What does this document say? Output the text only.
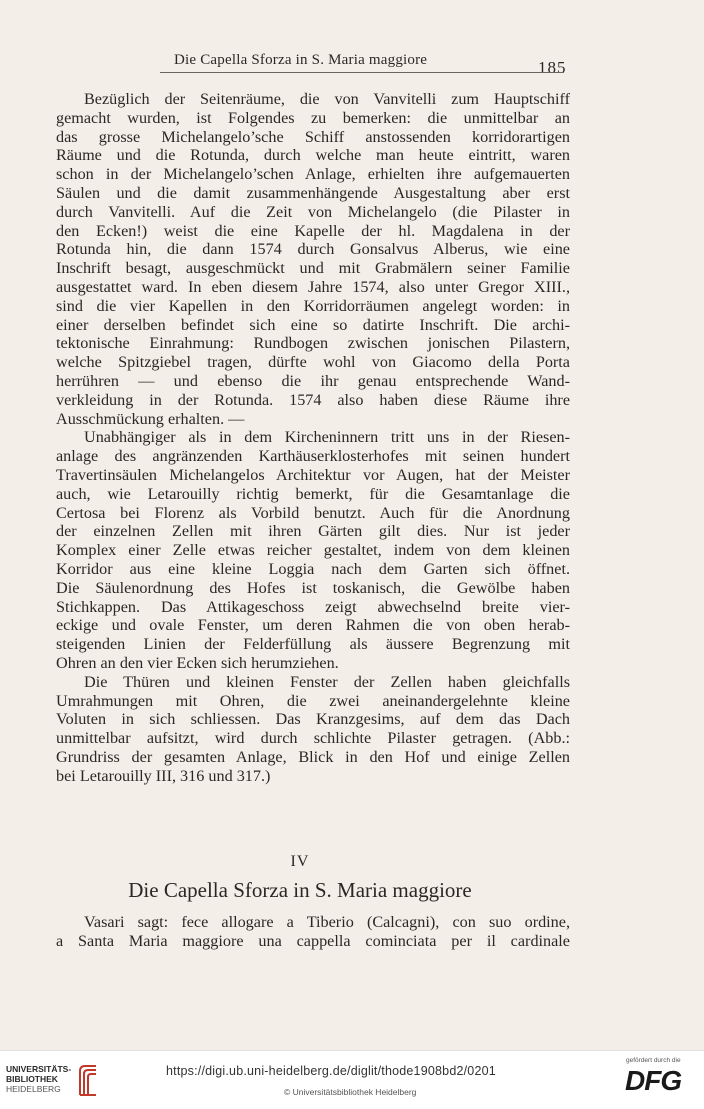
Die Capella Sforza in S. Maria maggiore	185
Bezüglich der Seitenräume, die von Vanvitelli zum Hauptschiff
gemacht wurden, ist Folgendes zu bemerken: die unmittelbar an
das grosse Michelangelo’sche Schiff anstossenden korridorartigen
Räume und die Rotunda, durch welche man heute eintritt, waren
schon in der Michelangelo’schen Anlage, erhielten ihre aufgemauerten
Säulen und die damit zusammenhängende Ausgestaltung aber erst
durch Vanvitelli. Auf die Zeit von Michelangelo (die Pilaster in
den Ecken!) weist die eine Kapelle der hl. Magdalena in der
Rotunda hin, die dann 1574 durch Gonsalvus Alberus, wie eine
Inschrift besagt, ausgeschmückt und mit Grabmälern seiner Familie
ausgestattet ward. In eben diesem Jahre 1574, also unter Gregor XIII.,
sind die vier Kapellen in den Korridorräumen angelegt worden: in
einer derselben befindet sich eine so datirte Inschrift. Die archi-
tektonische Einrahmung: Rundbogen zwischen jonischen Pilastern,
welche Spitzgiebel tragen, dürfte wohl von Giacomo della Porta
herrühren — und ebenso die ihr genau entsprechende Wand-
verkleidung in der Rotunda. 1574 also haben diese Räume ihre
Ausschmückung erhalten. —
Unabhängiger als in dem Kircheninnern tritt uns in der Riesen-
anlage des angränzenden Karthäuserklosterhofes mit seinen hundert
Travertinsäulen Michelangelos Architektur vor Augen, hat der Meister
auch, wie Letarouilly richtig bemerkt, für die Gesamtanlage die
Certosa bei Florenz als Vorbild benutzt. Auch für die Anordnung
der einzelnen Zellen mit ihren Gärten gilt dies. Nur ist jeder
Komplex einer Zelle etwas reicher gestaltet, indem von dem kleinen
Korridor aus eine kleine Loggia nach dem Garten sich öffnet.
Die Säulenordnung des Hofes ist toskanisch, die Gewölbe haben
Stichkappen. Das Attikageschoss zeigt abwechselnd breite vier-
eckige und ovale Fenster, um deren Rahmen die von oben herab-
steigenden Linien der Felderfüllung als äussere Begrenzung mit
Ohren an den vier Ecken sich herumziehen.
Die Thüren und kleinen Fenster der Zellen haben gleichfalls
Umrahmungen mit Ohren, die zwei aneinandergelehnte kleine
Voluten in sich schliessen. Das Kranzgesims, auf dem das Dach
unmittelbar aufsitzt, wird durch schlichte Pilaster getragen. (Abb.:
Grundriss der gesamten Anlage, Blick in den Hof und einige Zellen
bei Letarouilly III, 316 und 317.)
IV
Die Capella Sforza in S. Maria maggiore
Vasari sagt: fece allogare a Tiberio (Calcagni), con suo ordine,
a Santa Maria maggiore una cappella cominciata per il cardinale
UNIVERSITÄTS-
BIBLIOTHEK
HEIDELBERG
https://digi.ub.uni-heidelberg.de/diglit/thode1908bd2/0201
© Universitätsbibliothek Heidelberg
gefördert durch die
DFG
